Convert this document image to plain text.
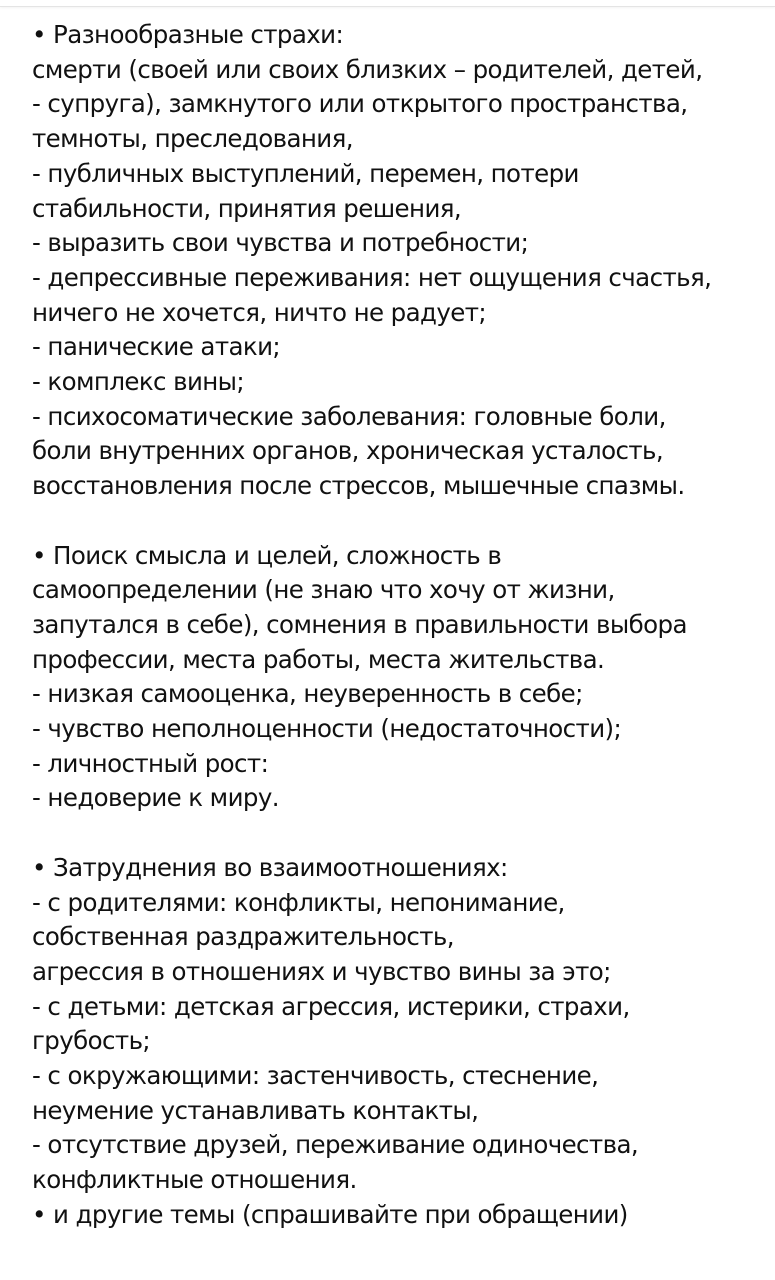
• Разнообразные страхи:
смерти (своей или своих близких – родителей, детей,
- супруга), замкнутого или открытого пространства,
темноты, преследования,
- публичных выступлений, перемен, потери
стабильности, принятия решения,
- выразить свои чувства и потребности;
- депрессивные переживания: нет ощущения счастья,
ничего не хочется, ничто не радует;
- панические атаки;
- комплекс вины;
- психосоматические заболевания: головные боли,
боли внутренних органов, хроническая усталость,
восстановления после стрессов, мышечные спазмы.
• Поиск смысла и целей, сложность в
самоопределении (не знаю что хочу от жизни,
запутался в себе), сомнения в правильности выбора
профессии, места работы, места жительства.
- низкая самооценка, неуверенность в себе;
- чувство неполноценности (недостаточности);
- личностный рост:
- недоверие к миру.
• Затруднения во взаимоотношениях:
- с родителями: конфликты, непонимание,
собственная раздражительность,
агрессия в отношениях и чувство вины за это;
- с детьми: детская агрессия, истерики, страхи,
грубость;
- с окружающими: застенчивость, стеснение,
неумение устанавливать контакты,
- отсутствие друзей, переживание одиночества,
конфликтные отношения.
• и другие темы (спрашивайте при обращении)
